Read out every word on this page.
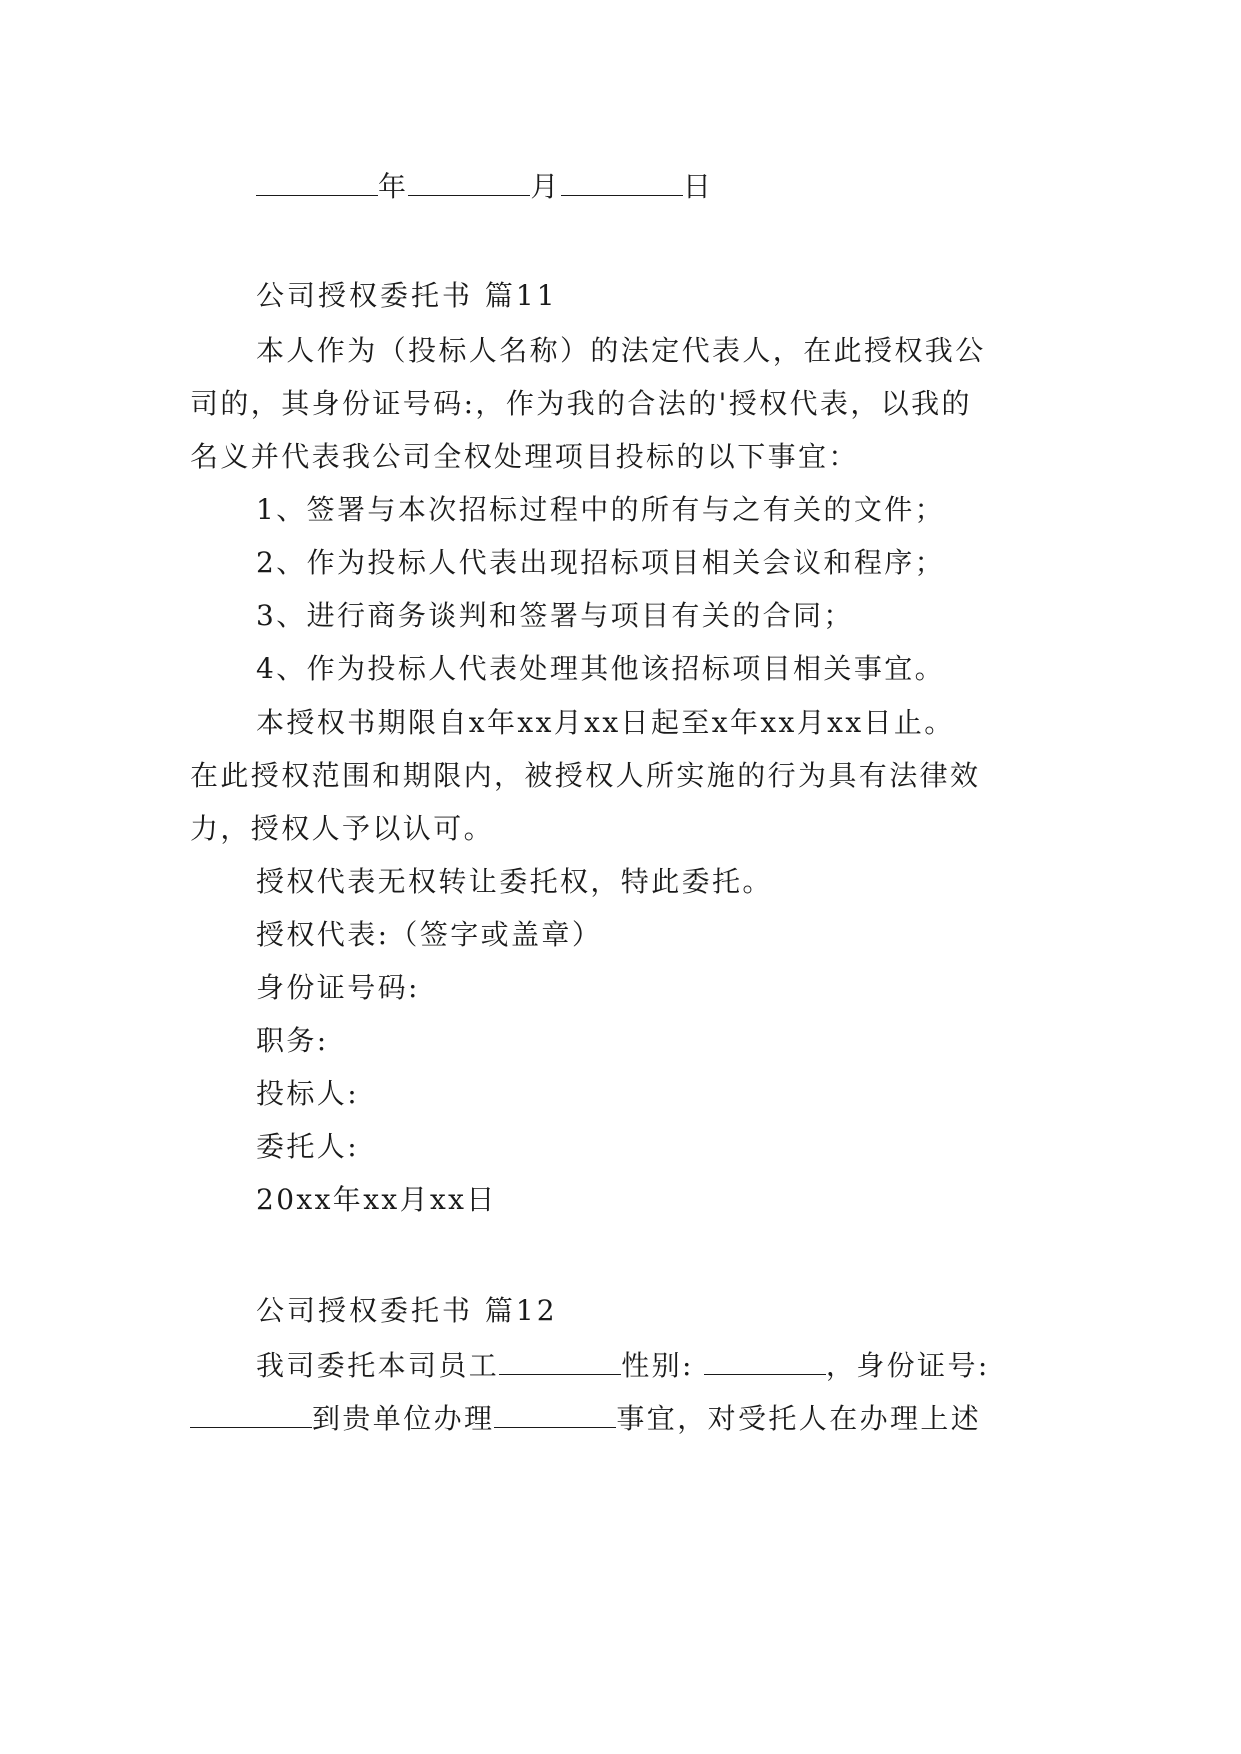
年	月	日
公司授权委托书 篇11
本人作为（投标人名称）的法定代表人，在此授权我公
司的，其身份证号码:，作为我的合法的'授权代表，以我的
名义并代表我公司全权处理项目投标的以下事宜：
1、签署与本次招标过程中的所有与之有关的文件；
2、作为投标人代表出现招标项目相关会议和程序；
3、进行商务谈判和签署与项目有关的合同；
4、作为投标人代表处理其他该招标项目相关事宜。
本授权书期限自x年xx月xx日起至x年xx月xx日止。
在此授权范围和期限内，被授权人所实施的行为具有法律效
力，授权人予以认可。
授权代表无权转让委托权，特此委托。
授权代表:（签字或盖章）
身份证号码:
职务:
投标人:
委托人:
20xx年xx月xx日
公司授权委托书 篇12
我司委托本司员工	性别:	，身份证号:
到贵单位办理	事宜，对受托人在办理上述
